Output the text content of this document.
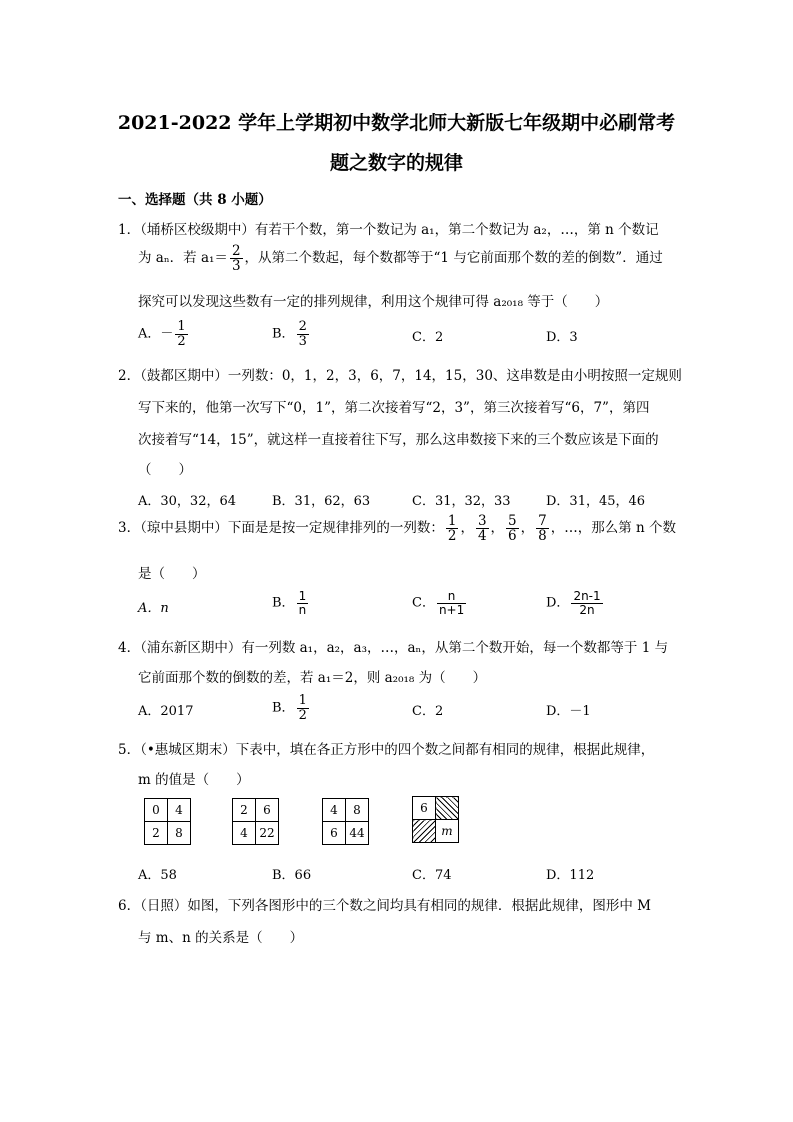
2021-2022 学年上学期初中数学北师大新版七年级期中必刷常考
题之数字的规律
一、选择题（共 8 小题）
1．（埇桥区校级期中）有若干个数，第一个数记为 a₁，第二个数记为 a₂，…，第 n 个数记
为 aₙ．若 $a_1= \frac{2}{3}$ ，从第二个数起，每个数都等于“1 与它前面那个数的差的倒数”．通过
探究可以发现这些数有一定的排列规律，利用这个规律可得 a₂₀₁₈ 等于（　　）
A．－ $\frac{1}{2}$	B． $\frac{2}{3}$	C．2	D．3
2．（鼓都区期中）一列数：0，1，2，3，6，7，14，15，30、这串数是由小明按照一定规则
写下来的，他第一次写下“0，1”，第二次接着写“2，3”，第三次接着写“6，7”，第四
次接着写“14，15”，就这样一直接着往下写，那么这串数接下来的三个数应该是下面的
（　　）
A．30，32，64	B．31，62，63	C．31，32，33	D．31，45，46
3．（琼中县期中）下面是是按一定规律排列的一列数： $\frac{1}{2}$ ， $\frac{3}{4}$ ， $\frac{5}{6}$ ， $\frac{7}{8}$ ，…，那么第 n 个数
是（　　）
A．n	B． $\frac{1}{n}$	C． $\frac{n}{n+1}$	D． $\frac{2n-1}{2n}$
4．（浦东新区期中）有一列数 a₁，a₂，a₃，…，aₙ，从第二个数开始，每一个数都等于 1 与
它前面那个数的倒数的差，若 a₁＝2，则 a₂₀₁₈ 为（　　）
A．2017	B． $\frac{1}{2}$	C．2	D．－1
5．（•惠城区期末）下表中，填在各正方形中的四个数之间都有相同的规律，根据此规律，
m 的值是（　　）
0	4
2	8
2	6
4	22
4	8
6	44
6	
	m
A．58	B．66	C．74	D．112
6．（日照）如图，下列各图形中的三个数之间均具有相同的规律．根据此规律，图形中 M
与 m、n 的关系是（　　）
